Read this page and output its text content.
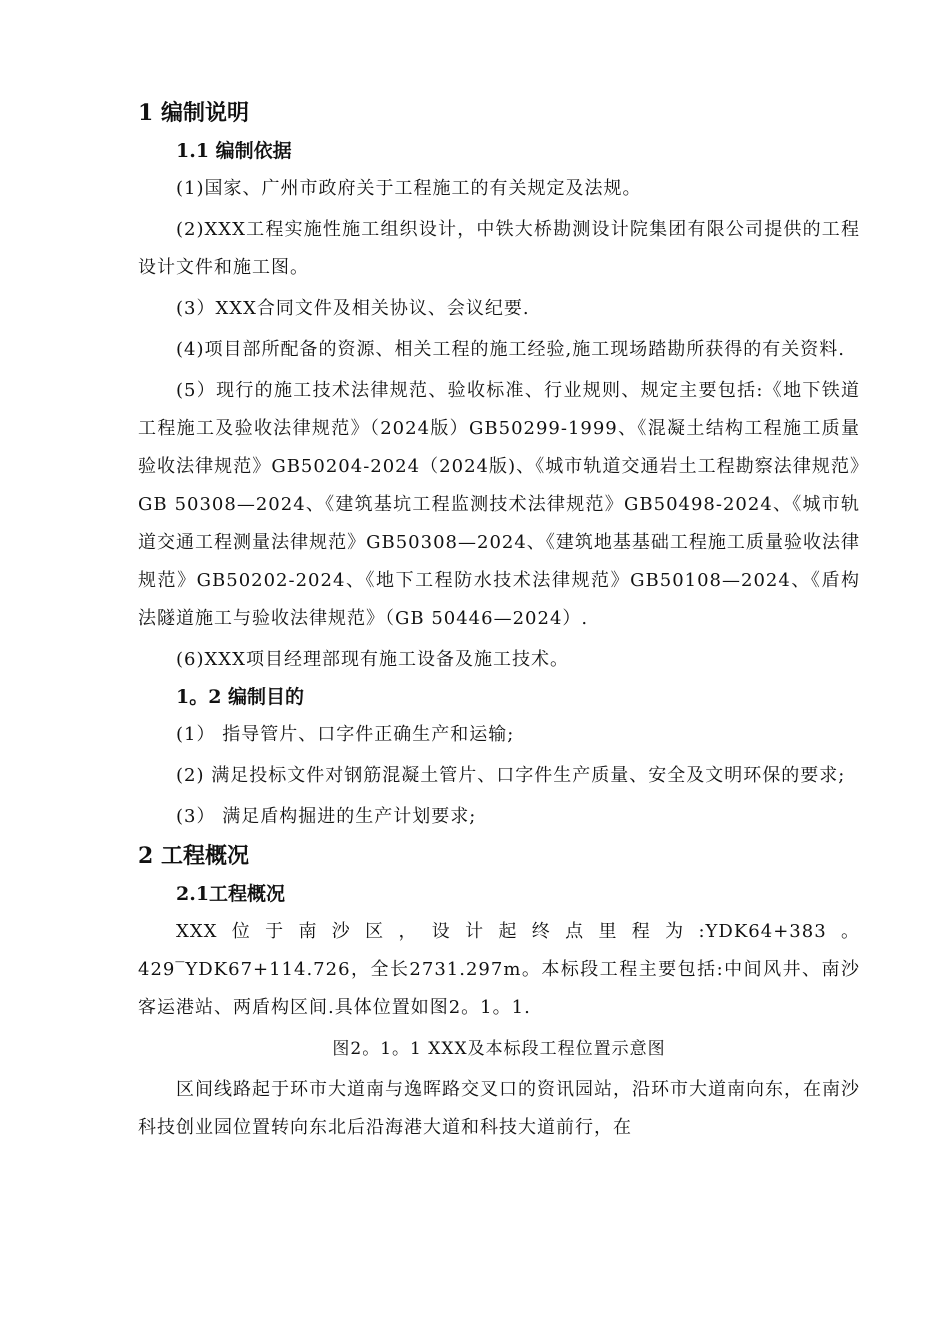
1 编制说明
1.1 编制依据

(1)国家、广州市政府关于工程施工的有关规定及法规。

(2)XXX工程实施性施工组织设计，中铁大桥勘测设计院集团有限公司提供的工程设计文件和施工图。

(3）XXX合同文件及相关协议、会议纪要.

(4)项目部所配备的资源、相关工程的施工经验,施工现场踏勘所获得的有关资料.

(5）现行的施工技术法律规范、验收标准、行业规则、规定主要包括:《地下铁道工程施工及验收法律规范》（2024版）GB50299-1999、《混凝土结构工程施工质量验收法律规范》GB50204-2024（2024版)、《城市轨道交通岩土工程勘察法律规范》GB 50308—2024、《建筑基坑工程监测技术法律规范》GB50498-2024、《城市轨道交通工程测量法律规范》GB50308—2024、《建筑地基基础工程施工质量验收法律规范》GB50202-2024、《地下工程防水技术法律规范》GB50108—2024、《盾构法隧道施工与验收法律规范》（GB 50446—2024）.

(6)XXX项目经理部现有施工设备及施工技术。

1。2 编制目的

(1） 指导管片、口字件正确生产和运输;

(2) 满足投标文件对钢筋混凝土管片、口字件生产质量、安全及文明环保的要求;

(3） 满足盾构掘进的生产计划要求;

2 工程概况
2.1工程概况

XXX位于南沙区，设计起终点里程为:YDK64+383。429‾YDK67+114.726，全长2731.297m。本标段工程主要包括:中间风井、南沙客运港站、两盾构区间.具体位置如图2。1。1.

图2。1。1 XXX及本标段工程位置示意图

区间线路起于环市大道南与逸晖路交叉口的资讯园站，沿环市大道南向东，在南沙科技创业园位置转向东北后沿海港大道和科技大道前行，在
